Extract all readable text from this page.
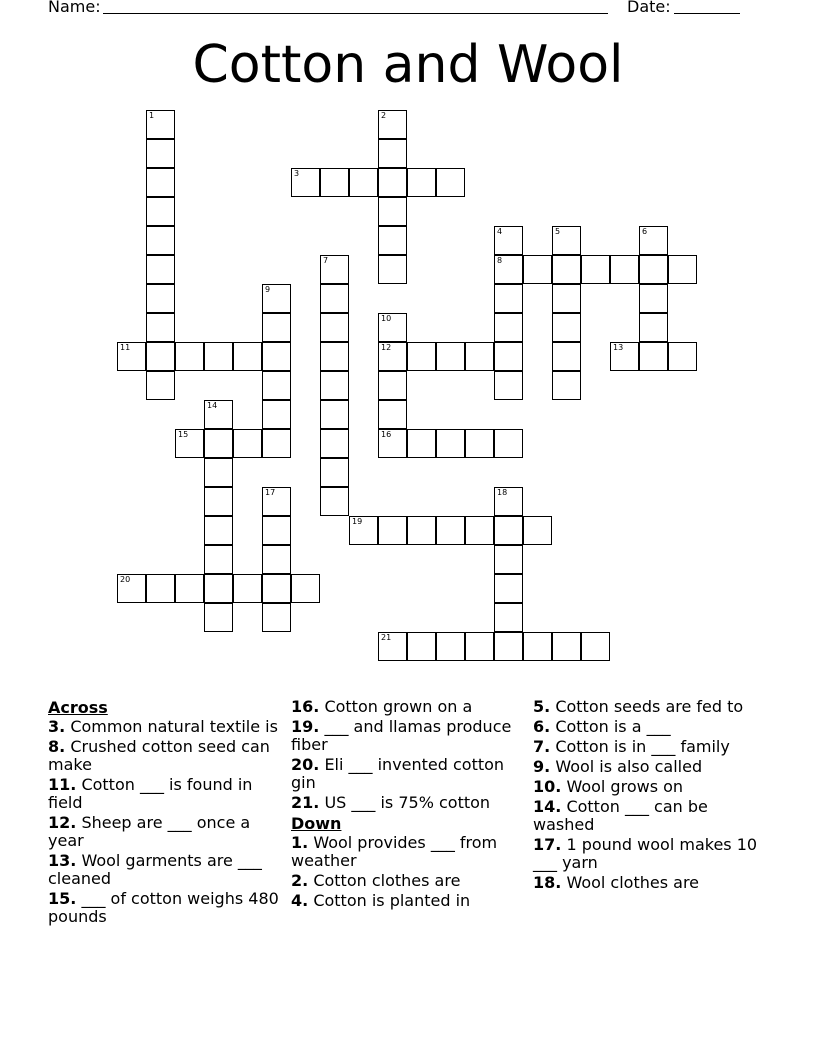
Name:	Date:
Cotton and Wool
1	2
3
4	5	6
7	8
9
10
11	12	13
14
15	16
17	18
19
20
21
Across
3. Common natural textile is
8. Crushed cotton seed can make
11. Cotton ___ is found in field
12. Sheep are ___ once a year
13. Wool garments are ___ cleaned
15. ___ of cotton weighs 480 pounds
16. Cotton grown on a
19. ___ and llamas produce fiber
20. Eli ___ invented cotton gin
21. US ___ is 75% cotton
Down
1. Wool provides ___ from weather
2. Cotton clothes are
4. Cotton is planted in
5. Cotton seeds are fed to
6. Cotton is a ___
7. Cotton is in ___ family
9. Wool is also called
10. Wool grows on
14. Cotton ___ can be washed
17. 1 pound wool makes 10 ___ yarn
18. Wool clothes are
